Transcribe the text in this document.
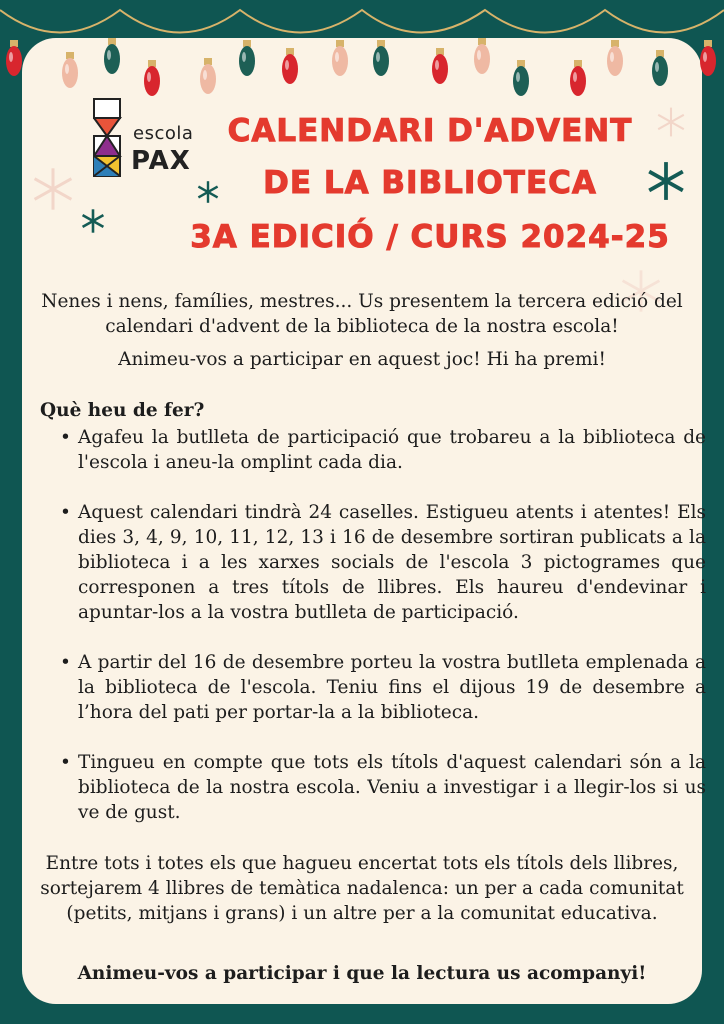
escola
PAX
CALENDARI D'ADVENT
DE LA BIBLIOTECA
3A EDICIÓ / CURS 2024-25
Nenes i nens, famílies, mestres... Us presentem la tercera edició del calendari d'advent de la biblioteca de la nostra escola!
Animeu-vos a participar en aquest joc! Hi ha premi!
Què heu de fer?
• Agafeu la butlleta de participació que trobareu a la biblioteca de l'escola i aneu-la omplint cada dia.
• Aquest calendari tindrà 24 caselles. Estigueu atents i atentes! Els dies 3, 4, 9, 10, 11, 12, 13 i 16 de desembre sortiran publicats a la biblioteca i a les xarxes socials de l'escola 3 pictogrames que corresponen a tres títols de llibres. Els haureu d'endevinar i apuntar-los a la vostra butlleta de participació.
• A partir del 16 de desembre porteu la vostra butlleta emplenada a la biblioteca de l'escola. Teniu fins el dijous 19 de desembre a l’hora del pati per portar-la a la biblioteca.
• Tingueu en compte que tots els títols d'aquest calendari són a la biblioteca de la nostra escola. Veniu a investigar i a llegir-los si us ve de gust.
Entre tots i totes els que hagueu encertat tots els títols dels llibres, sortejarem 4 llibres de temàtica nadalenca: un per a cada comunitat (petits, mitjans i grans) i un altre per a la comunitat educativa.
Animeu-vos a participar i que la lectura us acompanyi!
